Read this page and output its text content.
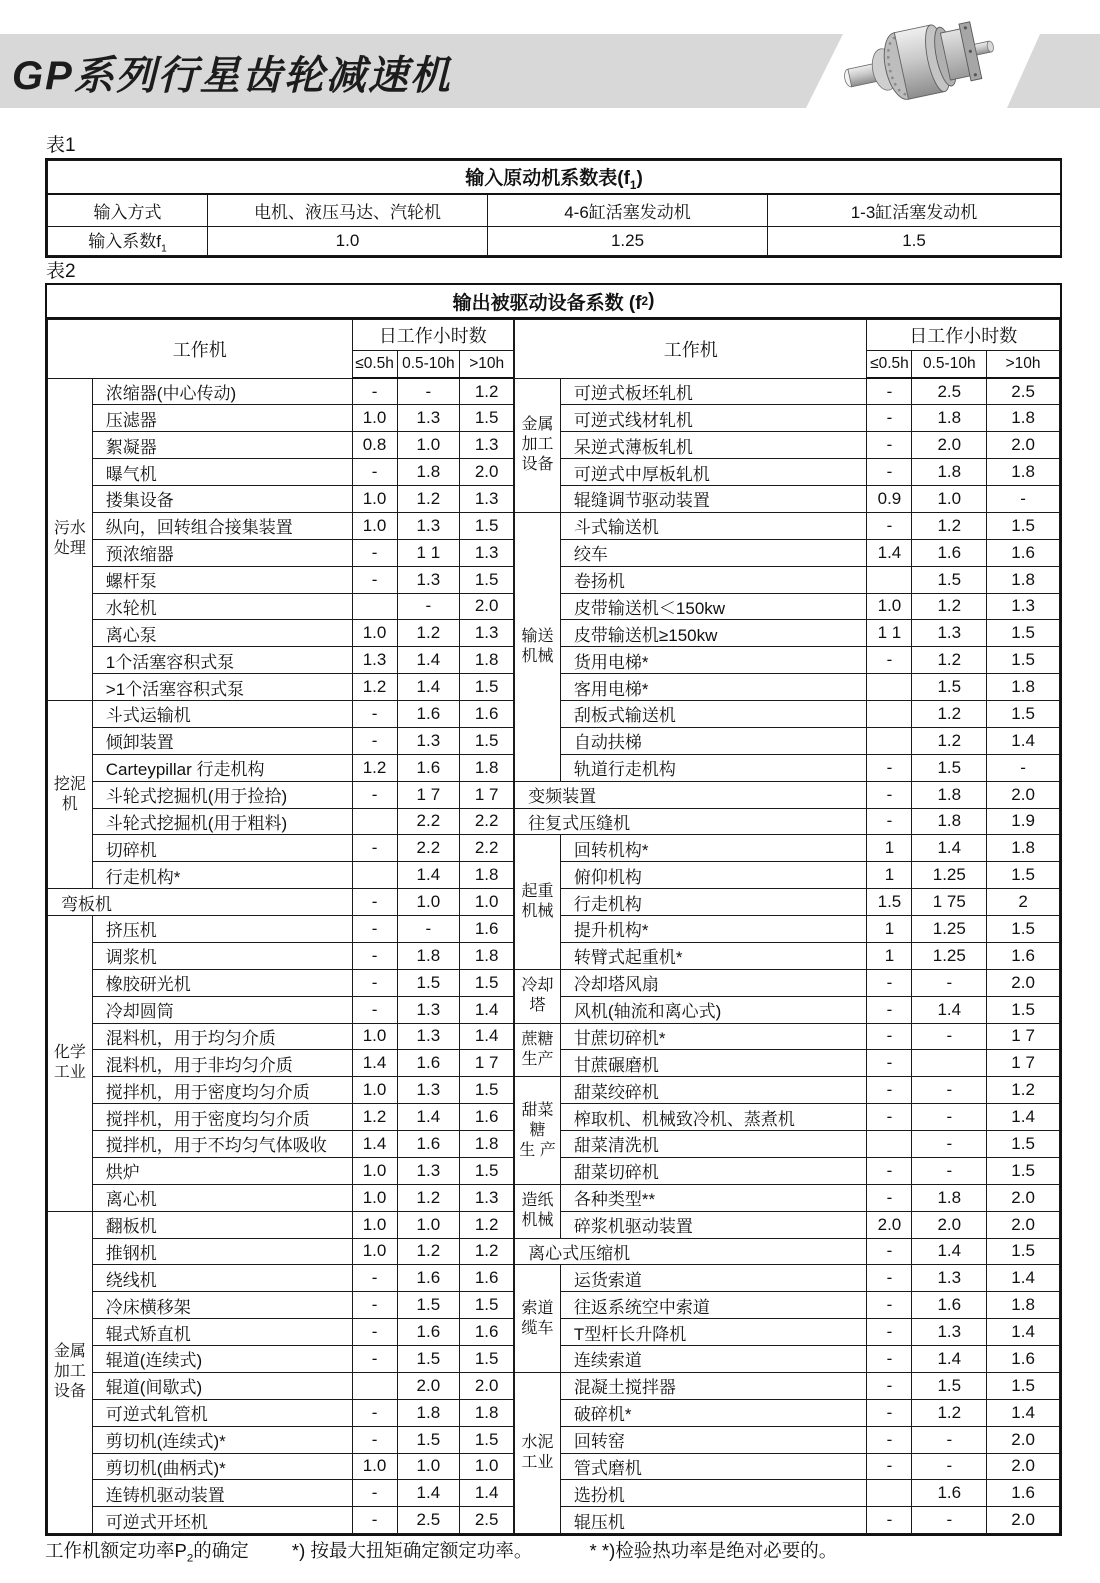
GP系列行星齿轮减速机
表1
表2
输入原动机系数表$(f_1)$			
输入方式	电机、液压马达、汽轮机	4-6缸活塞发动机	1-3缸活塞发动机
输入系数$f_1$	1.0	1.25	1.5
输出被驱动设备系数 (f 2 )
工作机		日工作小时数		
		≤0.5h	0.5-10h	>10h
污水
处理	浓缩器(中心传动)	-	-	1.2
	压滤器	1.0	1.3	1.5
	絮凝器	0.8	1.0	1.3
	曝气机	-	1.8	2.0
	搂集设备	1.0	1.2	1.3
	纵向，回转组合接集装置	1.0	1.3	1.5
	预浓缩器	-	1 1	1.3
	螺杆泵	-	1.3	1.5
	水轮机		-	2.0
	离心泵	1.0	1.2	1.3
	1个活塞容积式泵	1.3	1.4	1.8
	>1个活塞容积式泵	1.2	1.4	1.5
挖泥机	斗式运输机	-	1.6	1.6
	倾卸装置	-	1.3	1.5
	Carteypillar 行走机构	1.2	1.6	1.8
	斗轮式挖掘机(用于捡拾)	-	1 7	1 7
	斗轮式挖掘机(用于粗料)		2.2	2.2
	切碎机	-	2.2	2.2
	行走机构*		1.4	1.8
弯板机		-	1.0	1.0
化学
工业	挤压机	-	-	1.6
	调浆机	-	1.8	1.8
	橡胶研光机	-	1.5	1.5
	冷却圆筒	-	1.3	1.4
	混料机，用于均匀介质	1.0	1.3	1.4
	混料机，用于非均匀介质	1.4	1.6	1 7
	搅拌机，用于密度均匀介质	1.0	1.3	1.5
	搅拌机，用于密度均匀介质	1.2	1.4	1.6
	搅拌机，用于不均匀气体吸收	1.4	1.6	1.8
	烘炉	1.0	1.3	1.5
	离心机	1.0	1.2	1.3
金属
加工
设备	翻板机	1.0	1.0	1.2
	推钢机	1.0	1.2	1.2
	绕线机	-	1.6	1.6
	冷床横移架	-	1.5	1.5
	辊式矫直机	-	1.6	1.6
	辊道(连续式)	-	1.5	1.5
	辊道(间歇式)		2.0	2.0
	可逆式轧管机	-	1.8	1.8
	剪切机(连续式)*	-	1.5	1.5
	剪切机(曲柄式)*	1.0	1.0	1.0
	连铸机驱动装置	-	1.4	1.4
	可逆式开坯机	-	2.5	2.5
工作机		日工作小时数		
		≤0.5h	0.5-10h	>10h
金属
加工
设备	可逆式板坯轧机	-	2.5	2.5
	可逆式线材轧机	-	1.8	1.8
	呆逆式薄板轧机	-	2.0	2.0
	可逆式中厚板轧机	-	1.8	1.8
	辊缝调节驱动装置	0.9	1.0	-
输送
机械	斗式输送机	-	1.2	1.5
	绞车	1.4	1.6	1.6
	卷扬机		1.5	1.8
	皮带输送机＜150kw	1.0	1.2	1.3
	皮带输送机≥150kw	1 1	1.3	1.5
	货用电梯*	-	1.2	1.5
	客用电梯*		1.5	1.8
	刮板式输送机		1.2	1.5
	自动扶梯		1.2	1.4
	轨道行走机构	-	1.5	-
变频装置		-	1.8	2.0
往复式压缝机		-	1.8	1.9
起重
机械	回转机构*	1	1.4	1.8
	俯仰机构	1	1.25	1.5
	行走机构	1.5	1 75	2
	提升机构*	1	1.25	1.5
	转臂式起重机*	1	1.25	1.6
冷却塔	冷却塔风扇	-	-	2.0
	风机(轴流和离心式)	-	1.4	1.5
蔗糖
生产	甘蔗切碎机*	-	-	1 7
	甘蔗碾磨机	-		1 7
甜菜糖
生 产	甜菜绞碎机	-	-	1.2
	榨取机、机械致冷机、蒸煮机	-	-	1.4
	甜菜清洗机		-	1.5
	甜菜切碎机	-	-	1.5
造纸
机械	各种类型**	-	1.8	2.0
	碎浆机驱动装置	2.0	2.0	2.0
离心式压缩机		-	1.4	1.5
索道
缆车	运货索道	-	1.3	1.4
	往返系统空中索道	-	1.6	1.8
	T型杆长升降机	-	1.3	1.4
	连续索道	-	1.4	1.6
水泥
工业	混凝土搅拌器	-	1.5	1.5
	破碎机*	-	1.2	1.4
	回转窑	-	-	2.0
	管式磨机	-	-	2.0
	选扮机		1.6	1.6
	辊压机	-	-	2.0
工作机额定功率$P_2$的确定 *) 按最大扭矩确定额定功率。	* *)检验热功率是绝对必要的。
